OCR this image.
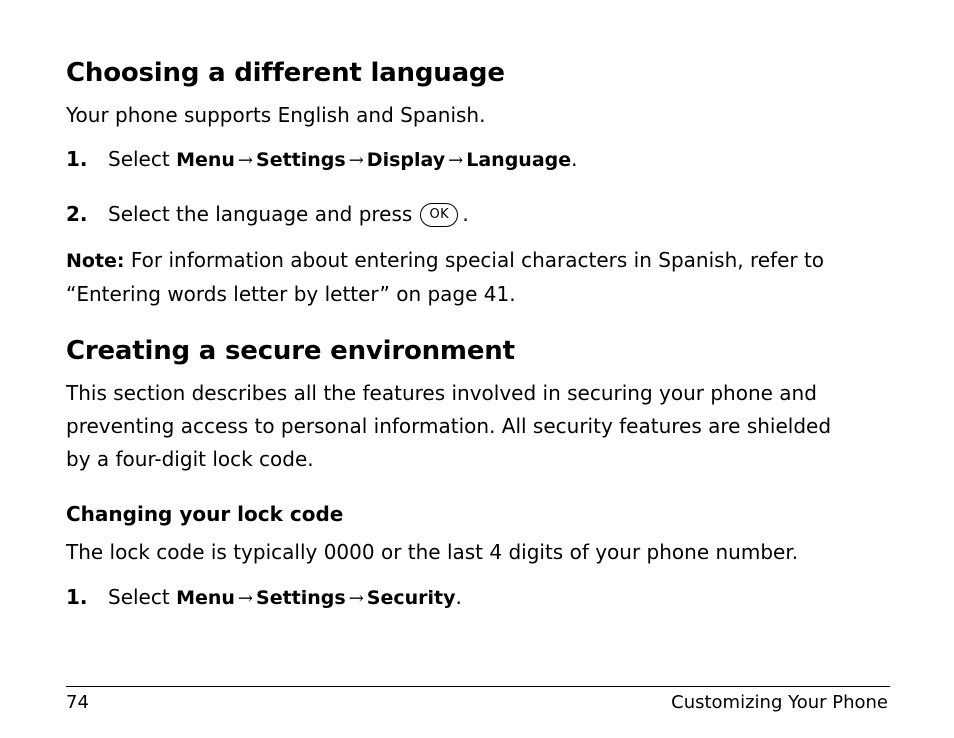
Choosing a different language

Your phone supports English and Spanish.

1. Select Menu → Settings → Display → Language.
2. Select the language and press OK .

Note: For information about entering special characters in Spanish, refer to
“Entering words letter by letter” on page 41.

Creating a secure environment

This section describes all the features involved in securing your phone and
preventing access to personal information. All security features are shielded
by a four-digit lock code.

Changing your lock code

The lock code is typically 0000 or the last 4 digits of your phone number.

1. Select Menu → Settings → Security.
74	Customizing Your Phone
